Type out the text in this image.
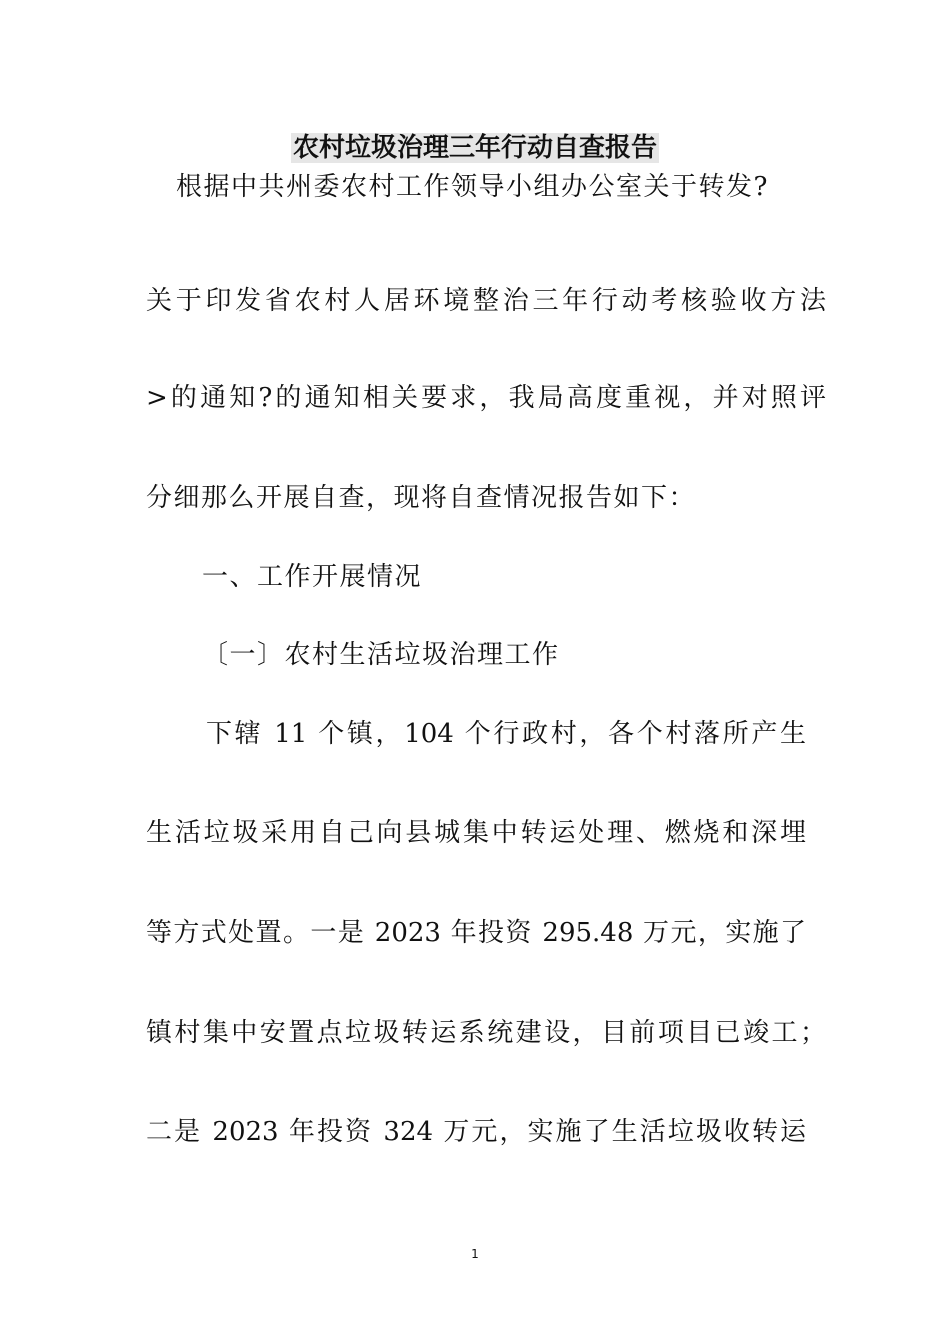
农村垃圾治理三年行动自查报告
根据中共州委农村工作领导小组办公室关于转发?
关于印发省农村人居环境整治三年行动考核验收方法
>的通知?的通知相关要求，我局高度重视，并对照评
分细那么开展自查，现将自查情况报告如下：
一、工作开展情况
〔一〕农村生活垃圾治理工作
下辖 11 个镇，104 个行政村，各个村落所产生
生活垃圾采用自己向县城集中转运处理、燃烧和深埋
等方式处置。一是 2023 年投资 295.48 万元，实施了
镇村集中安置点垃圾转运系统建设，目前项目已竣工；
二是 2023 年投资 324 万元，实施了生活垃圾收转运
1
